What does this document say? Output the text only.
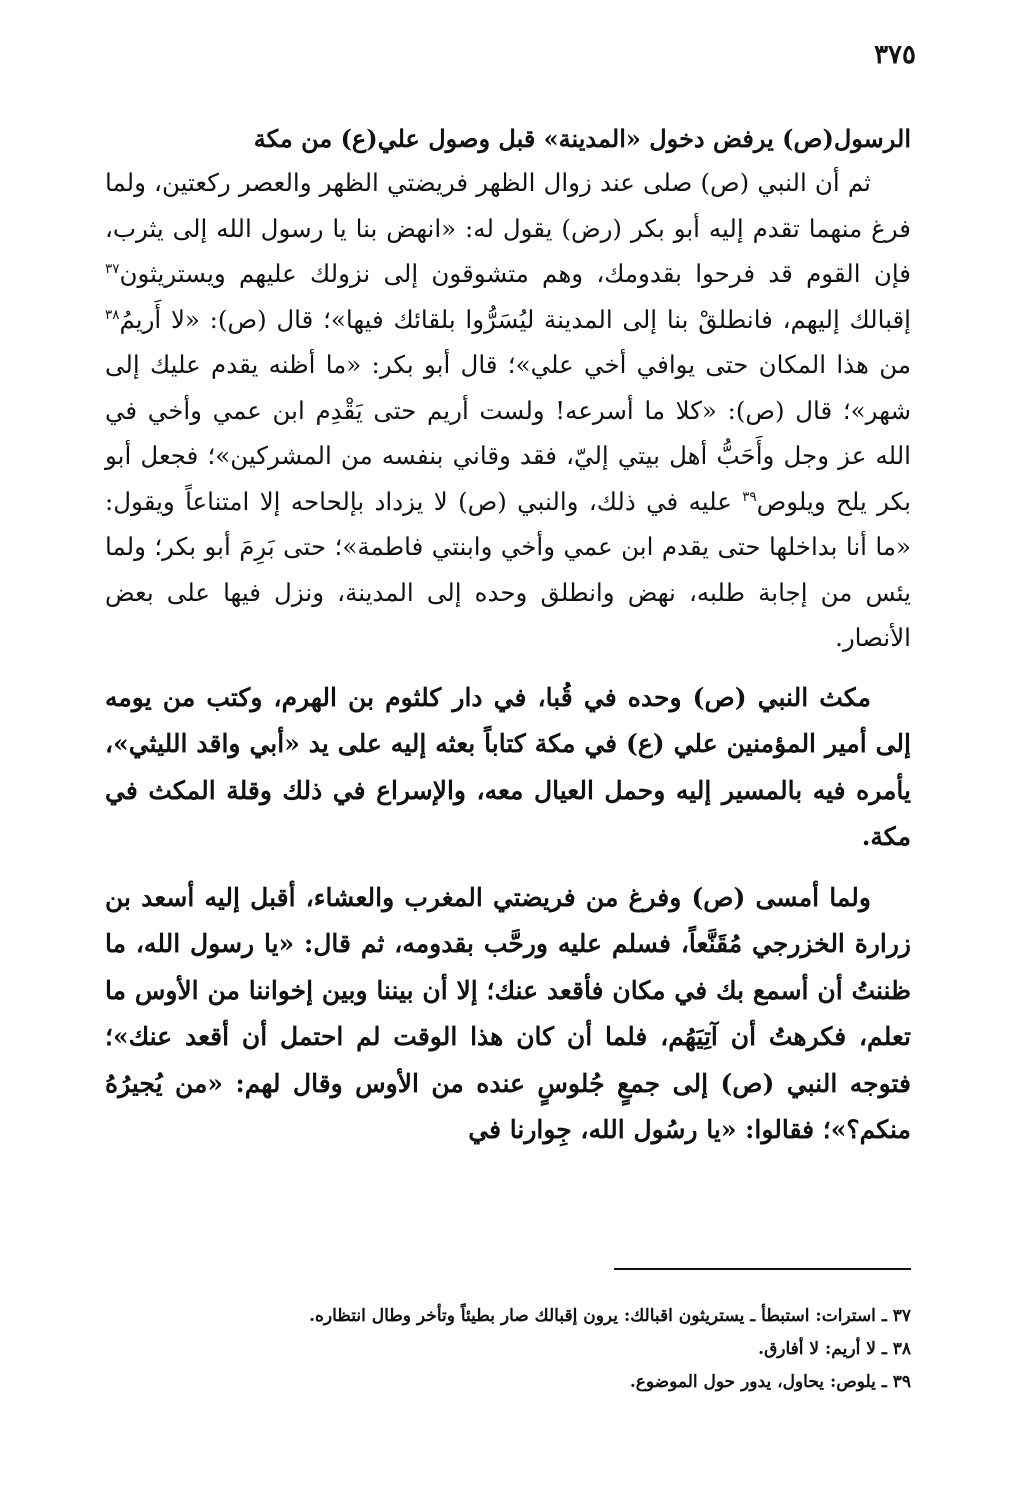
٣٧٥
الرسول(ص) يرفض دخول «المدينة» قبل وصول علي(ع) من مكة

ثم أن النبي (ص) صلى عند زوال الظهر فريضتي الظهر والعصر ركعتين، ولما فرغ منهما تقدم إليه أبو بكر (رض) يقول له: «انهض بنا يا رسول الله إلى يثرب، فإن القوم قد فرحوا بقدومك، وهم متشوقون إلى نزولك عليهم ويستريثون$^{٣٧}$ إقبالك إليهم، فانطلقْ بنا إلى المدينة ليُسَرُّوا بلقائك فيها»؛ قال (ص): «لا أَريمُ$^{٣٨}$ من هذا المكان حتى يوافي أخي علي»؛ قال أبو بكر: «ما أظنه يقدم عليك إلى شهر»؛ قال (ص): «كلا ما أسرعه! ولست أريم حتى يَقْدِم ابن عمي وأخي في الله عز وجل وأَحَبُّ أهل بيتي إليّ، فقد وقاني بنفسه من المشركين»؛ فجعل أبو بكر يلح ويلوص$^{٣٩}$ عليه في ذلك، والنبي (ص) لا يزداد بإلحاحه إلا امتناعاً ويقول: «ما أنا بداخلها حتى يقدم ابن عمي وأخي وابنتي فاطمة»؛ حتى بَرِمَ أبو بكر؛ ولما يئس من إجابة طلبه، نهض وانطلق وحده إلى المدينة، ونزل فيها على بعض الأنصار.

مكث النبي (ص) وحده في قُبا، في دار كلثوم بن الهرم، وكتب من يومه إلى أمير المؤمنين علي (ع) في مكة كتاباً بعثه إليه على يد «أبي واقد الليثي»، يأمره فيه بالمسير إليه وحمل العيال معه، والإسراع في ذلك وقلة المكث في مكة.

ولما أمسى (ص) وفرغ من فريضتي المغرب والعشاء، أقبل إليه أسعد بن زرارة الخزرجي مُقَنَّعاً، فسلم عليه ورحَّب بقدومه، ثم قال: «يا رسول الله، ما ظننتُ أن أسمع بك في مكان فأقعد عنك؛ إلا أن بيننا وبين إخواننا من الأوس ما تعلم، فكرهتُ أن آتِيَهُم، فلما أن كان هذا الوقت لم احتمل أن أقعد عنك»؛ فتوجه النبي (ص) إلى جمعٍ جُلوسٍ عنده من الأوس وقال لهم: «من يُجيرُهُ منكم؟»؛ فقالوا: «يا رسُول الله، جِوارنا في

٣٧ ـ استرات: استبطأ ـ يستريثون اقبالك: يرون إقبالك صار بطيئاً وتأخر وطال انتظاره.

٣٨ ـ لا أريم: لا أفارق.

٣٩ ـ يلوص: يحاول، يدور حول الموضوع.
